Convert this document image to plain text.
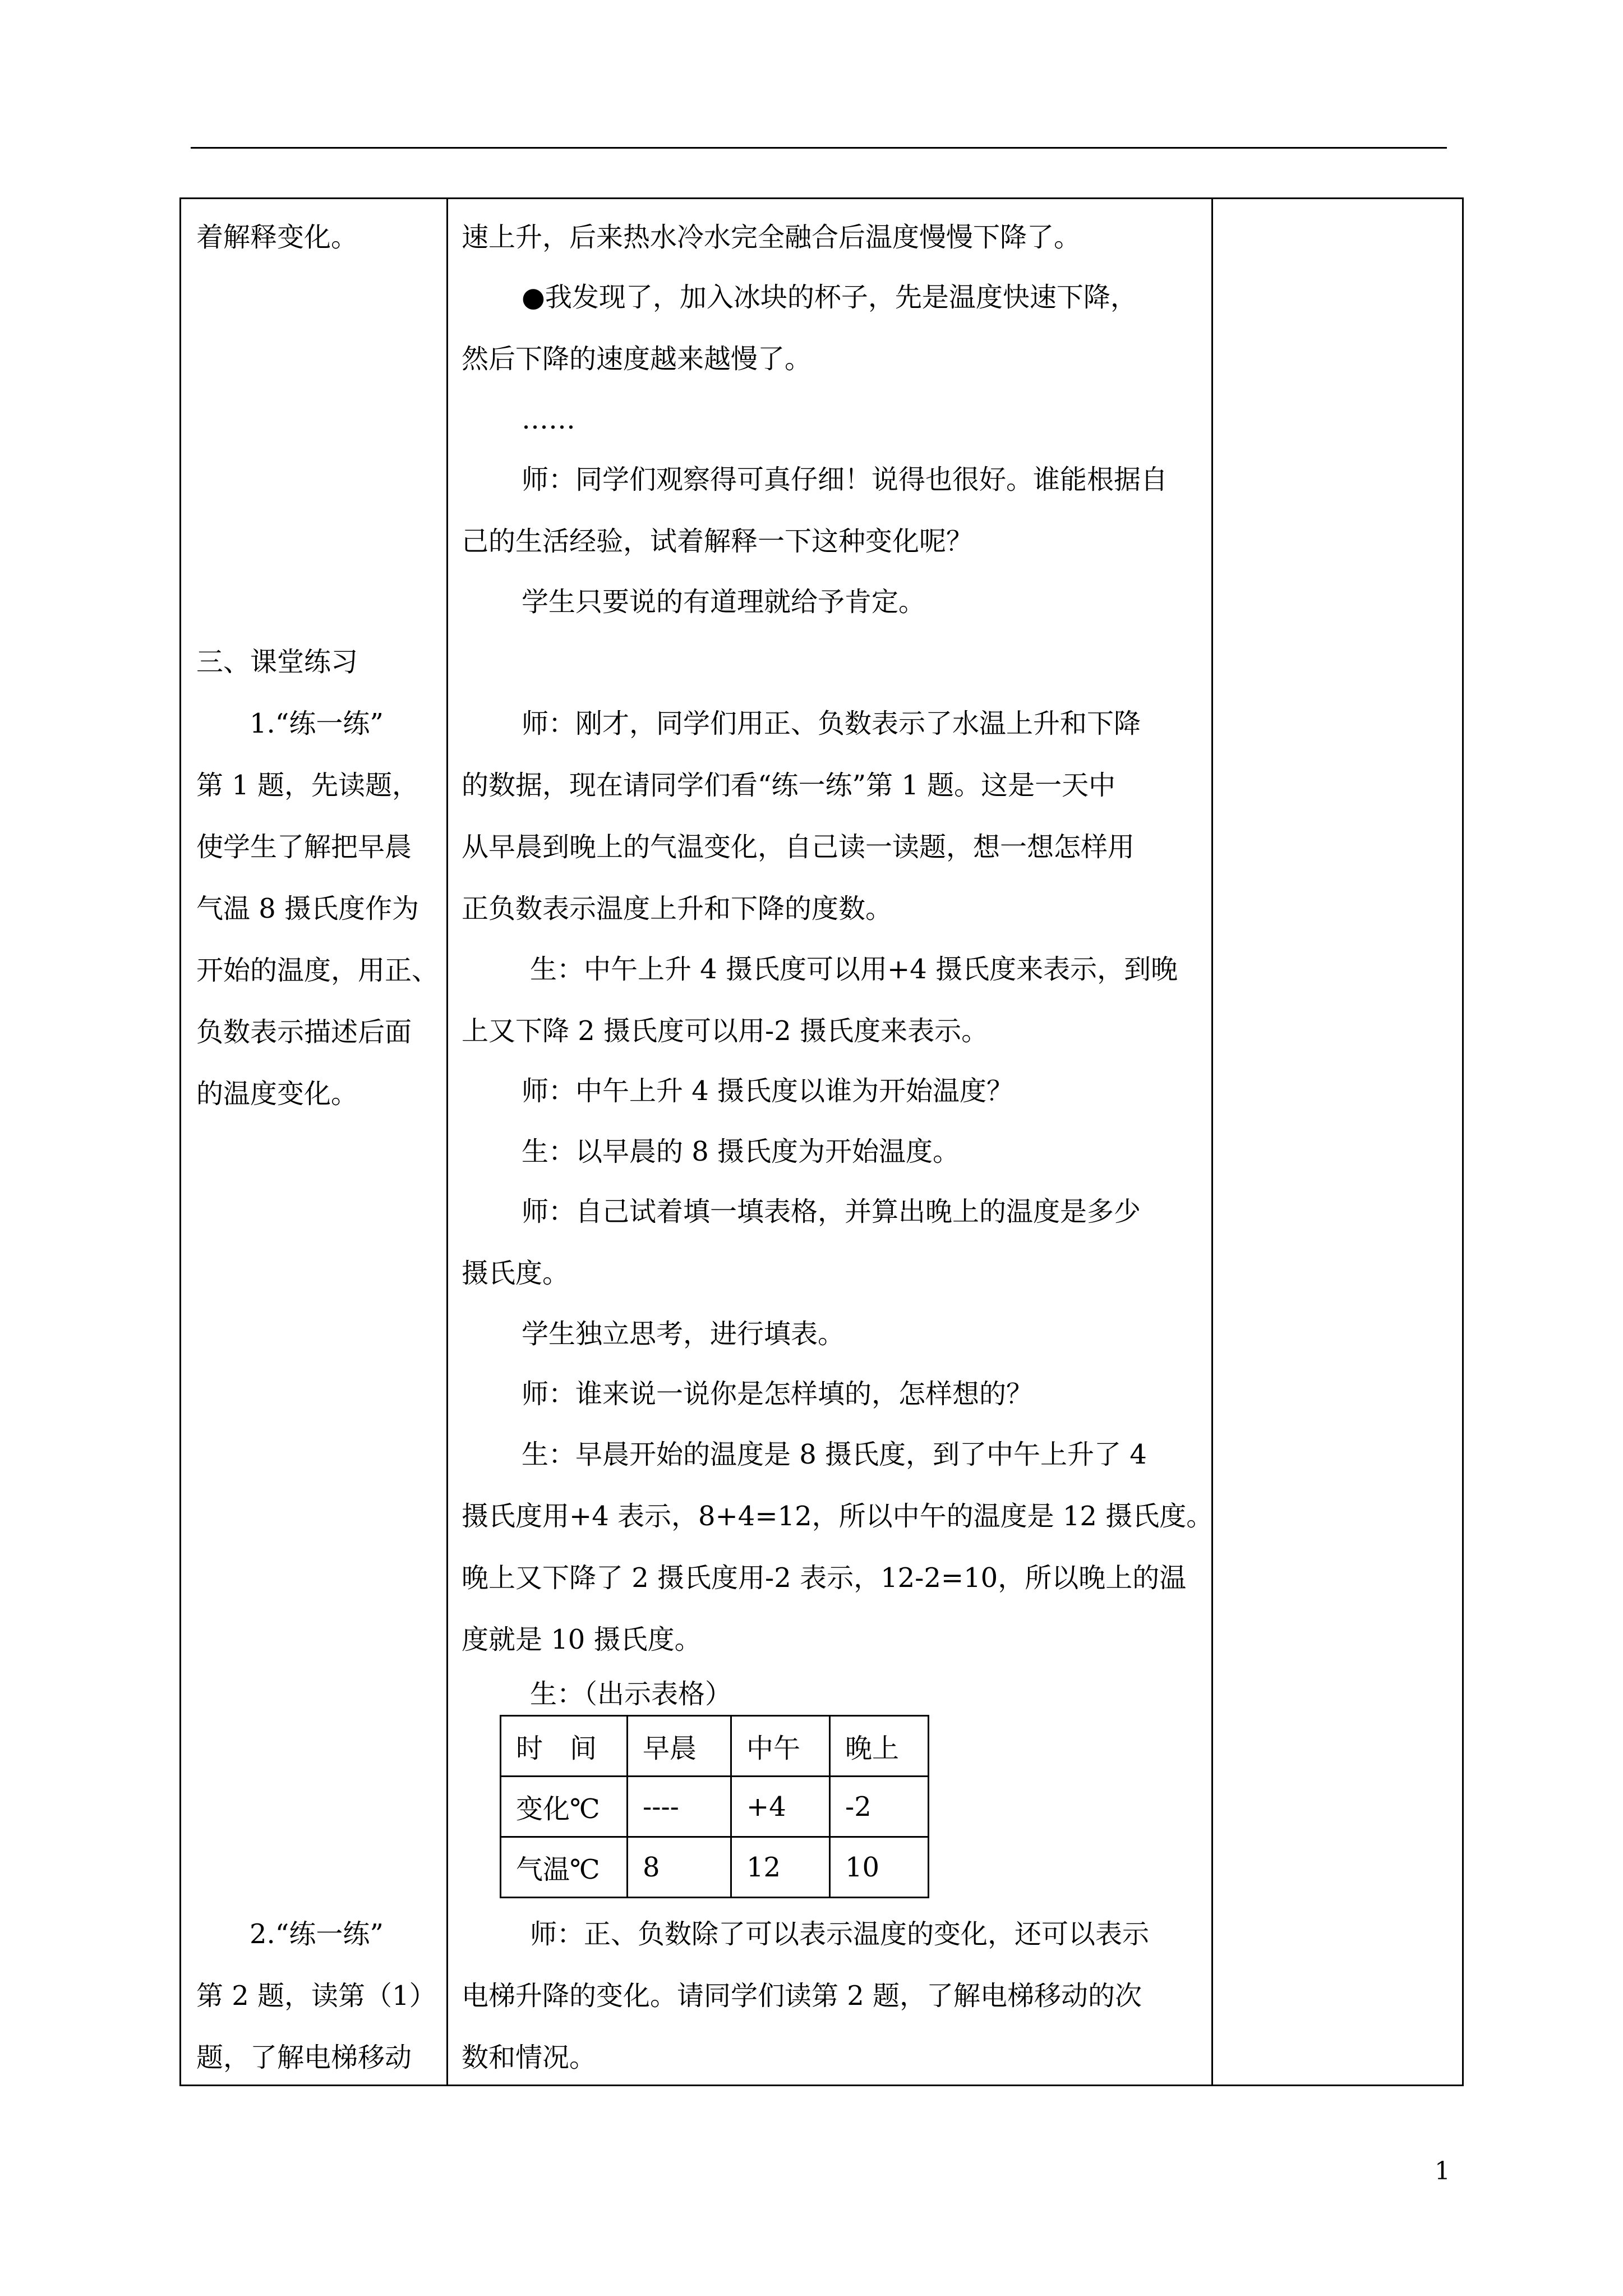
着解释变化。
三、课堂练习
1.“练一练”
第 1 题，先读题，
使学生了解把早晨
气温 8 摄氏度作为
开始的温度，用正、
负数表示描述后面
的温度变化。
2.“练一练”
第 2 题，读第（1）
题，了解电梯移动
速上升，后来热水冷水完全融合后温度慢慢下降了。
●我发现了，加入冰块的杯子，先是温度快速下降，
然后下降的速度越来越慢了。
……
师：同学们观察得可真仔细！说得也很好。谁能根据自
己的生活经验，试着解释一下这种变化呢？
学生只要说的有道理就给予肯定。
师：刚才，同学们用正、负数表示了水温上升和下降
的数据，现在请同学们看“练一练”第 1 题。这是一天中
从早晨到晚上的气温变化，自己读一读题，想一想怎样用
正负数表示温度上升和下降的度数。
生：中午上升 4 摄氏度可以用+4 摄氏度来表示，到晚
上又下降 2 摄氏度可以用-2 摄氏度来表示。
师：中午上升 4 摄氏度以谁为开始温度？
生：以早晨的 8 摄氏度为开始温度。
师：自己试着填一填表格，并算出晚上的温度是多少
摄氏度。
学生独立思考，进行填表。
师：谁来说一说你是怎样填的，怎样想的？
生：早晨开始的温度是 8 摄氏度，到了中午上升了 4
摄氏度用+4 表示，8+4=12，所以中午的温度是 12 摄氏度。
晚上又下降了 2 摄氏度用-2 表示，12-2=10，所以晚上的温
度就是 10 摄氏度。
生：（出示表格）
时　间	早晨	中午	晚上
变化℃	----	+4	-2
气温℃	8	12	10
师：正、负数除了可以表示温度的变化，还可以表示
电梯升降的变化。请同学们读第 2 题，了解电梯移动的次
数和情况。
1
